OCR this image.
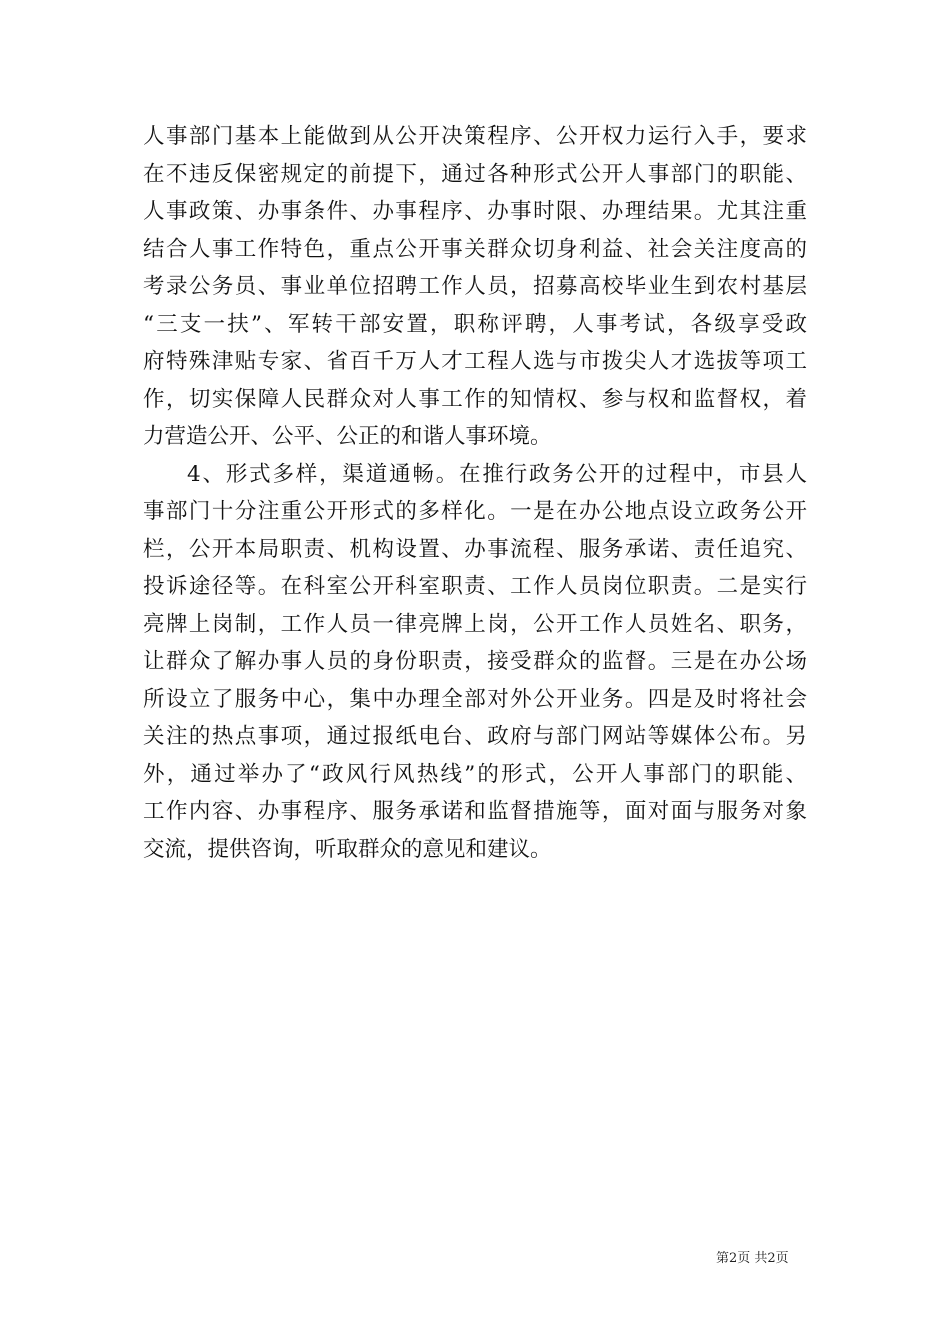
人事部门基本上能做到从公开决策程序、公开权力运行入手，要求
在不违反保密规定的前提下，通过各种形式公开人事部门的职能、
人事政策、办事条件、办事程序、办事时限、办理结果。尤其注重
结合人事工作特色，重点公开事关群众切身利益、社会关注度高的
考录公务员、事业单位招聘工作人员，招募高校毕业生到农村基层
“三支一扶”、军转干部安置，职称评聘，人事考试，各级享受政
府特殊津贴专家、省百千万人才工程人选与市拨尖人才选拔等项工
作，切实保障人民群众对人事工作的知情权、参与权和监督权，着
力营造公开、公平、公正的和谐人事环境。
4、形式多样，渠道通畅。在推行政务公开的过程中，市县人
事部门十分注重公开形式的多样化。一是在办公地点设立政务公开
栏，公开本局职责、机构设置、办事流程、服务承诺、责任追究、
投诉途径等。在科室公开科室职责、工作人员岗位职责。二是实行
亮牌上岗制，工作人员一律亮牌上岗，公开工作人员姓名、职务，
让群众了解办事人员的身份职责，接受群众的监督。三是在办公场
所设立了服务中心，集中办理全部对外公开业务。四是及时将社会
关注的热点事项，通过报纸电台、政府与部门网站等媒体公布。另
外，通过举办了“政风行风热线”的形式，公开人事部门的职能、
工作内容、办事程序、服务承诺和监督措施等，面对面与服务对象
交流，提供咨询，听取群众的意见和建议。
第2页 共2页
